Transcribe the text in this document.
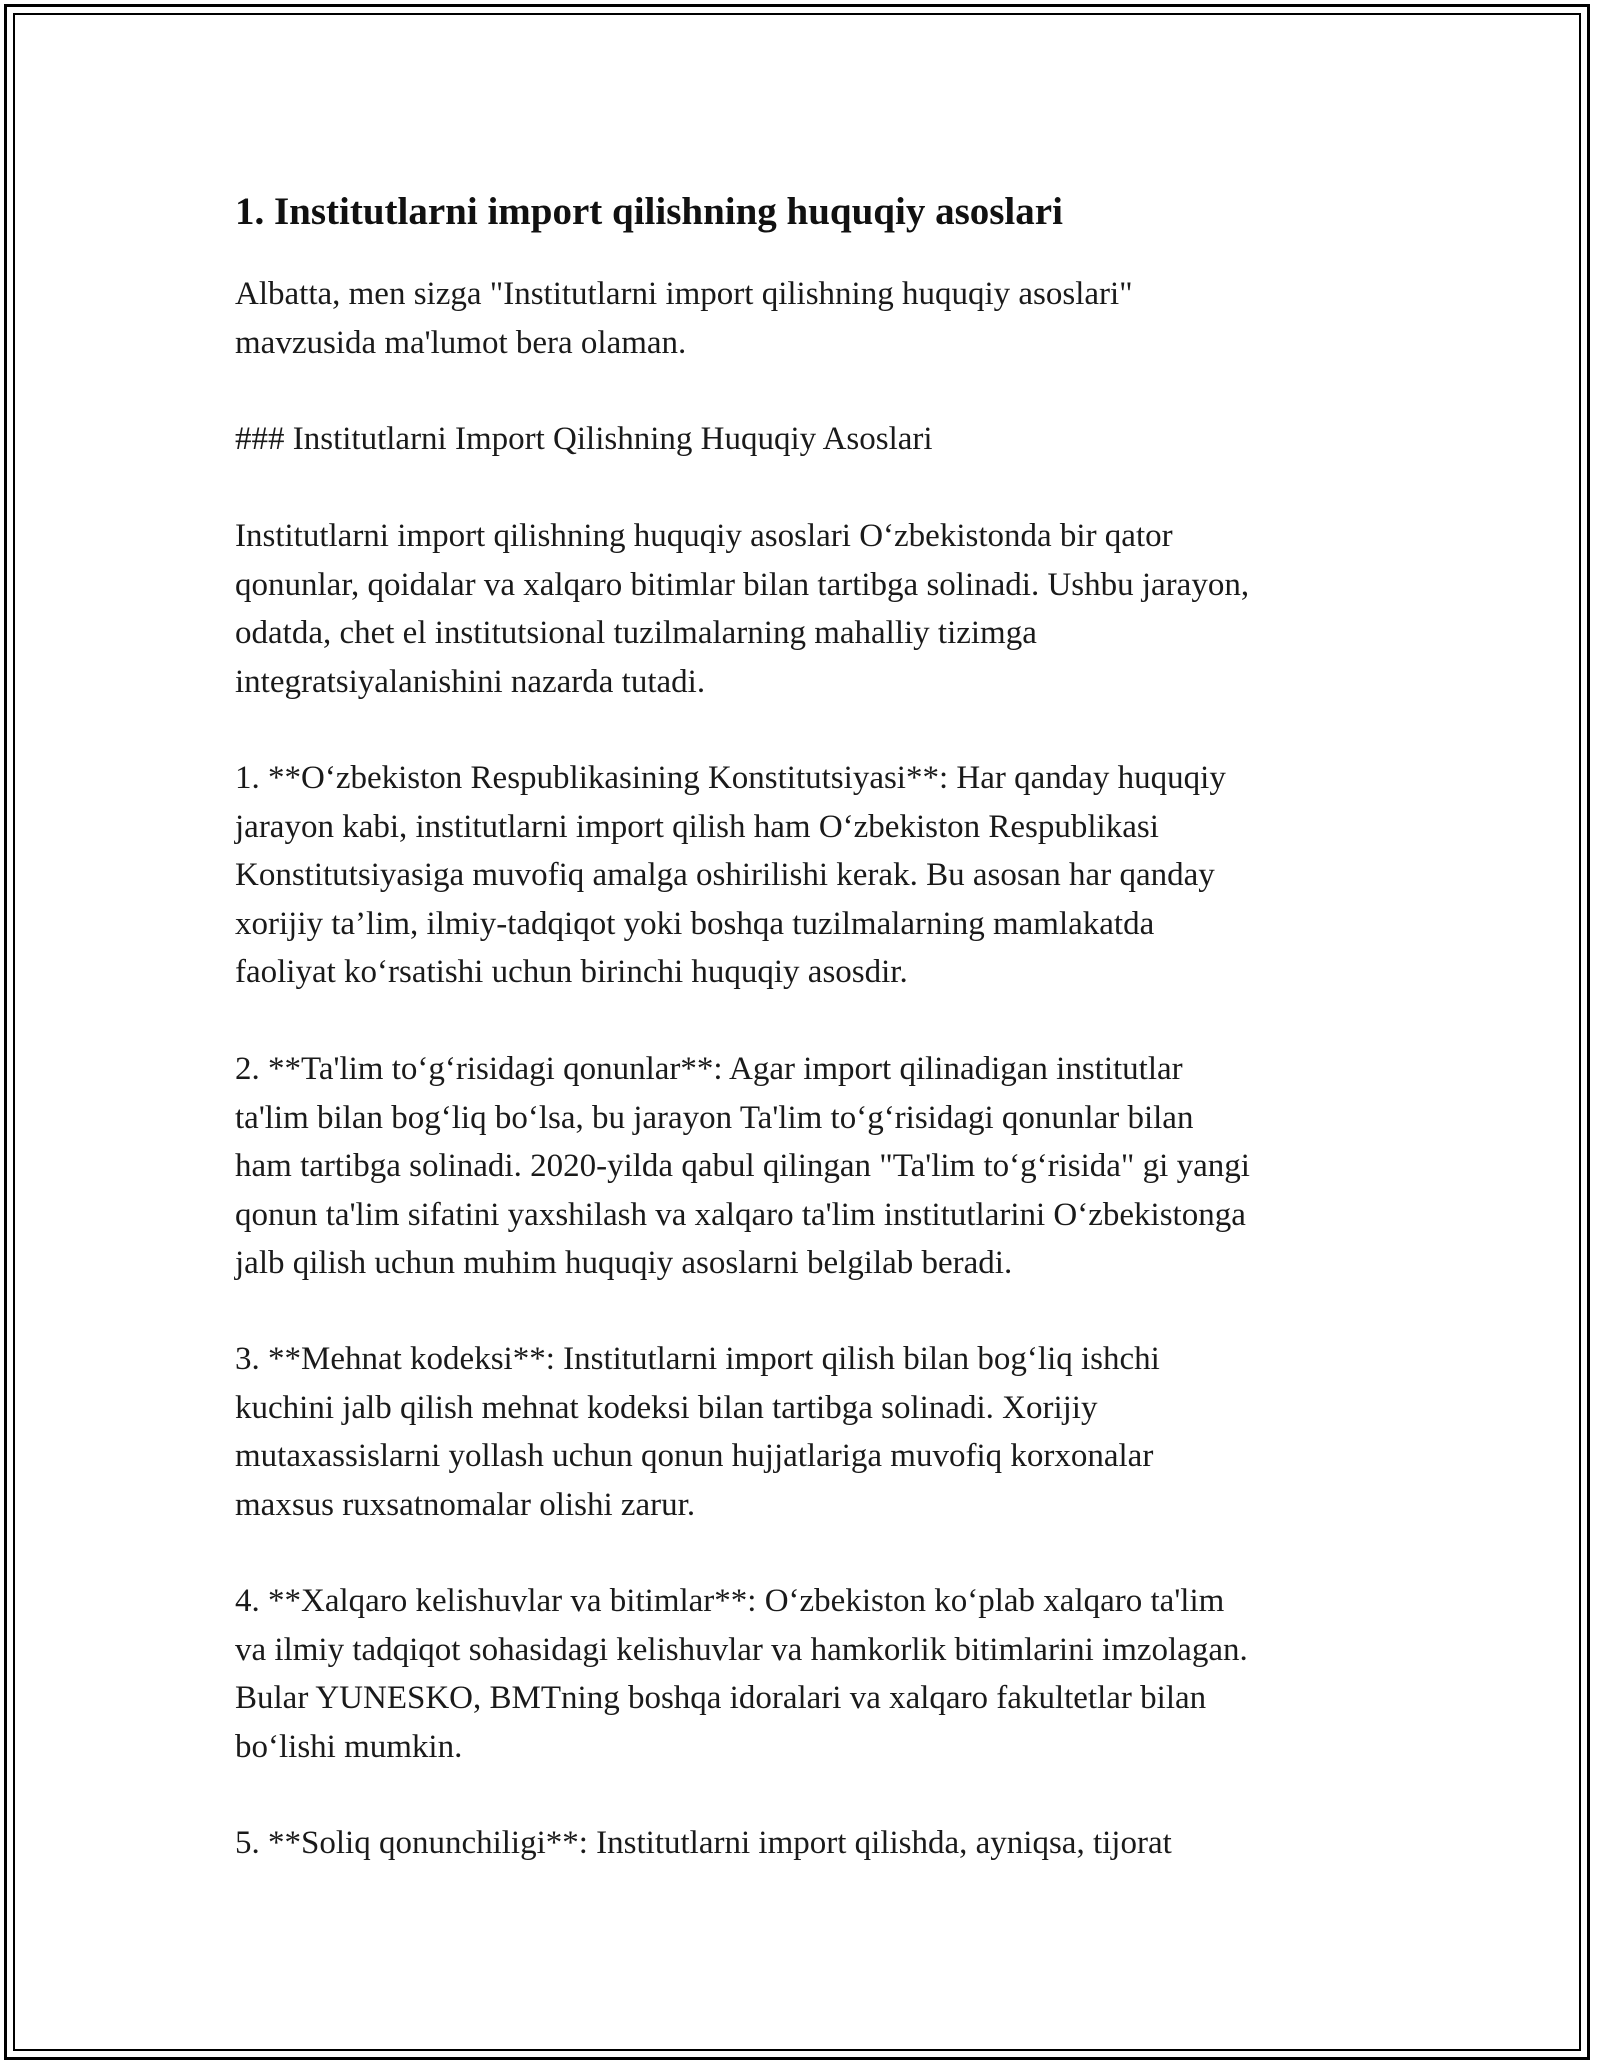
1. Institutlarni import qilishning huquqiy asoslari

Albatta, men sizga "Institutlarni import qilishning huquqiy asoslari"
mavzusida ma'lumot bera olaman.

### Institutlarni Import Qilishning Huquqiy Asoslari

Institutlarni import qilishning huquqiy asoslari O‘zbekistonda bir qator
qonunlar, qoidalar va xalqaro bitimlar bilan tartibga solinadi. Ushbu jarayon,
odatda, chet el institutsional tuzilmalarning mahalliy tizimga
integratsiyalanishini nazarda tutadi.

1. **O‘zbekiston Respublikasining Konstitutsiyasi**: Har qanday huquqiy
jarayon kabi, institutlarni import qilish ham O‘zbekiston Respublikasi
Konstitutsiyasiga muvofiq amalga oshirilishi kerak. Bu asosan har qanday
xorijiy ta’lim, ilmiy-tadqiqot yoki boshqa tuzilmalarning mamlakatda
faoliyat ko‘rsatishi uchun birinchi huquqiy asosdir.

2. **Ta'lim to‘g‘risidagi qonunlar**: Agar import qilinadigan institutlar
ta'lim bilan bog‘liq bo‘lsa, bu jarayon Ta'lim to‘g‘risidagi qonunlar bilan
ham tartibga solinadi. 2020-yilda qabul qilingan "Ta'lim to‘g‘risida" gi yangi
qonun ta'lim sifatini yaxshilash va xalqaro ta'lim institutlarini O‘zbekistonga
jalb qilish uchun muhim huquqiy asoslarni belgilab beradi.

3. **Mehnat kodeksi**: Institutlarni import qilish bilan bog‘liq ishchi
kuchini jalb qilish mehnat kodeksi bilan tartibga solinadi. Xorijiy
mutaxassislarni yollash uchun qonun hujjatlariga muvofiq korxonalar
maxsus ruxsatnomalar olishi zarur.

4. **Xalqaro kelishuvlar va bitimlar**: O‘zbekiston ko‘plab xalqaro ta'lim
va ilmiy tadqiqot sohasidagi kelishuvlar va hamkorlik bitimlarini imzolagan.
Bular YUNESKO, BMTning boshqa idoralari va xalqaro fakultetlar bilan
bo‘lishi mumkin.

5. **Soliq qonunchiligi**: Institutlarni import qilishda, ayniqsa, tijorat
